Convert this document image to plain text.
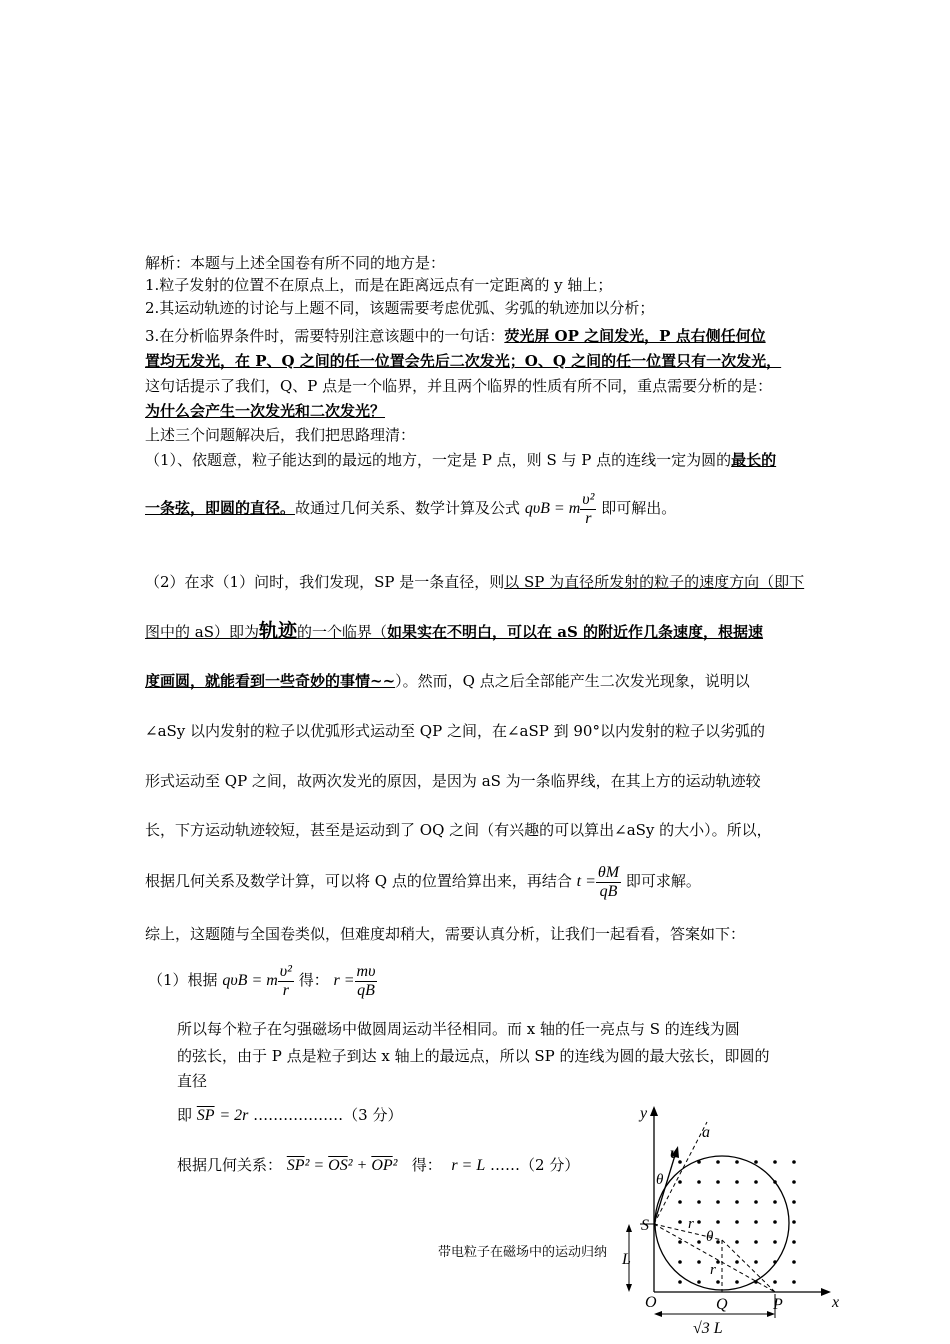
解析：本题与上述全国卷有所不同的地方是：
1.粒子发射的位置不在原点上，而是在距离远点有一定距离的 y 轴上；
2.其运动轨迹的讨论与上题不同，该题需要考虑优弧、劣弧的轨迹加以分析；
3.在分析临界条件时，需要特别注意该题中的一句话：荧光屏 OP 之间发光，P 点右侧任何位
置均无发光，在 P、Q 之间的任一位置会先后二次发光；O、Q 之间的任一位置只有一次发光，
这句话提示了我们，Q、P 点是一个临界，并且两个临界的性质有所不同，重点需要分析的是：
为什么会产生一次发光和二次发光？
上述三个问题解决后，我们把思路理清：
（1）、依题意，粒子能达到的最远的地方，一定是 P 点，则 S 与 P 点的连线一定为圆的最长的
一条弦，即圆的直径。故通过几何关系、数学计算及公式 qυB = m $\frac{\text{υ²}}{r}$ 即可解出。
（2）在求（1）问时，我们发现，SP 是一条直径，则以 SP 为直径所发射的粒子的速度方向（即下
图中的 aS）即为轨迹的一个临界（如果实在不明白，可以在 aS 的附近作几条速度，根据速
度画圆，就能看到一些奇妙的事情~~）。然而，Q 点之后全部能产生二次发光现象，说明以
∠aSy 以内发射的粒子以优弧形式运动至 QP 之间，在∠aSP 到 90°以内发射的粒子以劣弧的
形式运动至 QP 之间，故两次发光的原因，是因为 aS 为一条临界线，在其上方的运动轨迹较
长，下方运动轨迹较短，甚至是运动到了 OQ 之间（有兴趣的可以算出∠aSy 的大小）。所以，
根据几何关系及数学计算，可以将 Q 点的位置给算出来，再结合 $t = \frac{\theta M}{qB}$ 即可求解。
综上，这题随与全国卷类似，但难度却稍大，需要认真分析，让我们一起看看，答案如下：
（1）根据 qυB = m $\frac{\text{υ²}}{r}$ 得： $r = \frac{m\upsilon}{qB}$
所以每个粒子在匀强磁场中做圆周运动半径相同。而 x 轴的任一亮点与 S 的连线为圆
的弦长，由于 P 点是粒子到达 x 轴上的最远点，所以 SP 的连线为圆的最大弦长，即圆的
直径
即 $\overline{SP} = 2r$ ………………（3 分）
根据几何关系： $\overline{SP}^2 = \overline{OS}^2 + \overline{OP}^2$ 得： r = L ……（2 分）
y
x
a
υ
θ
S	r
θ
r
L
O	Q	P
√3 L
带电粒子在磁场中的运动归纳
